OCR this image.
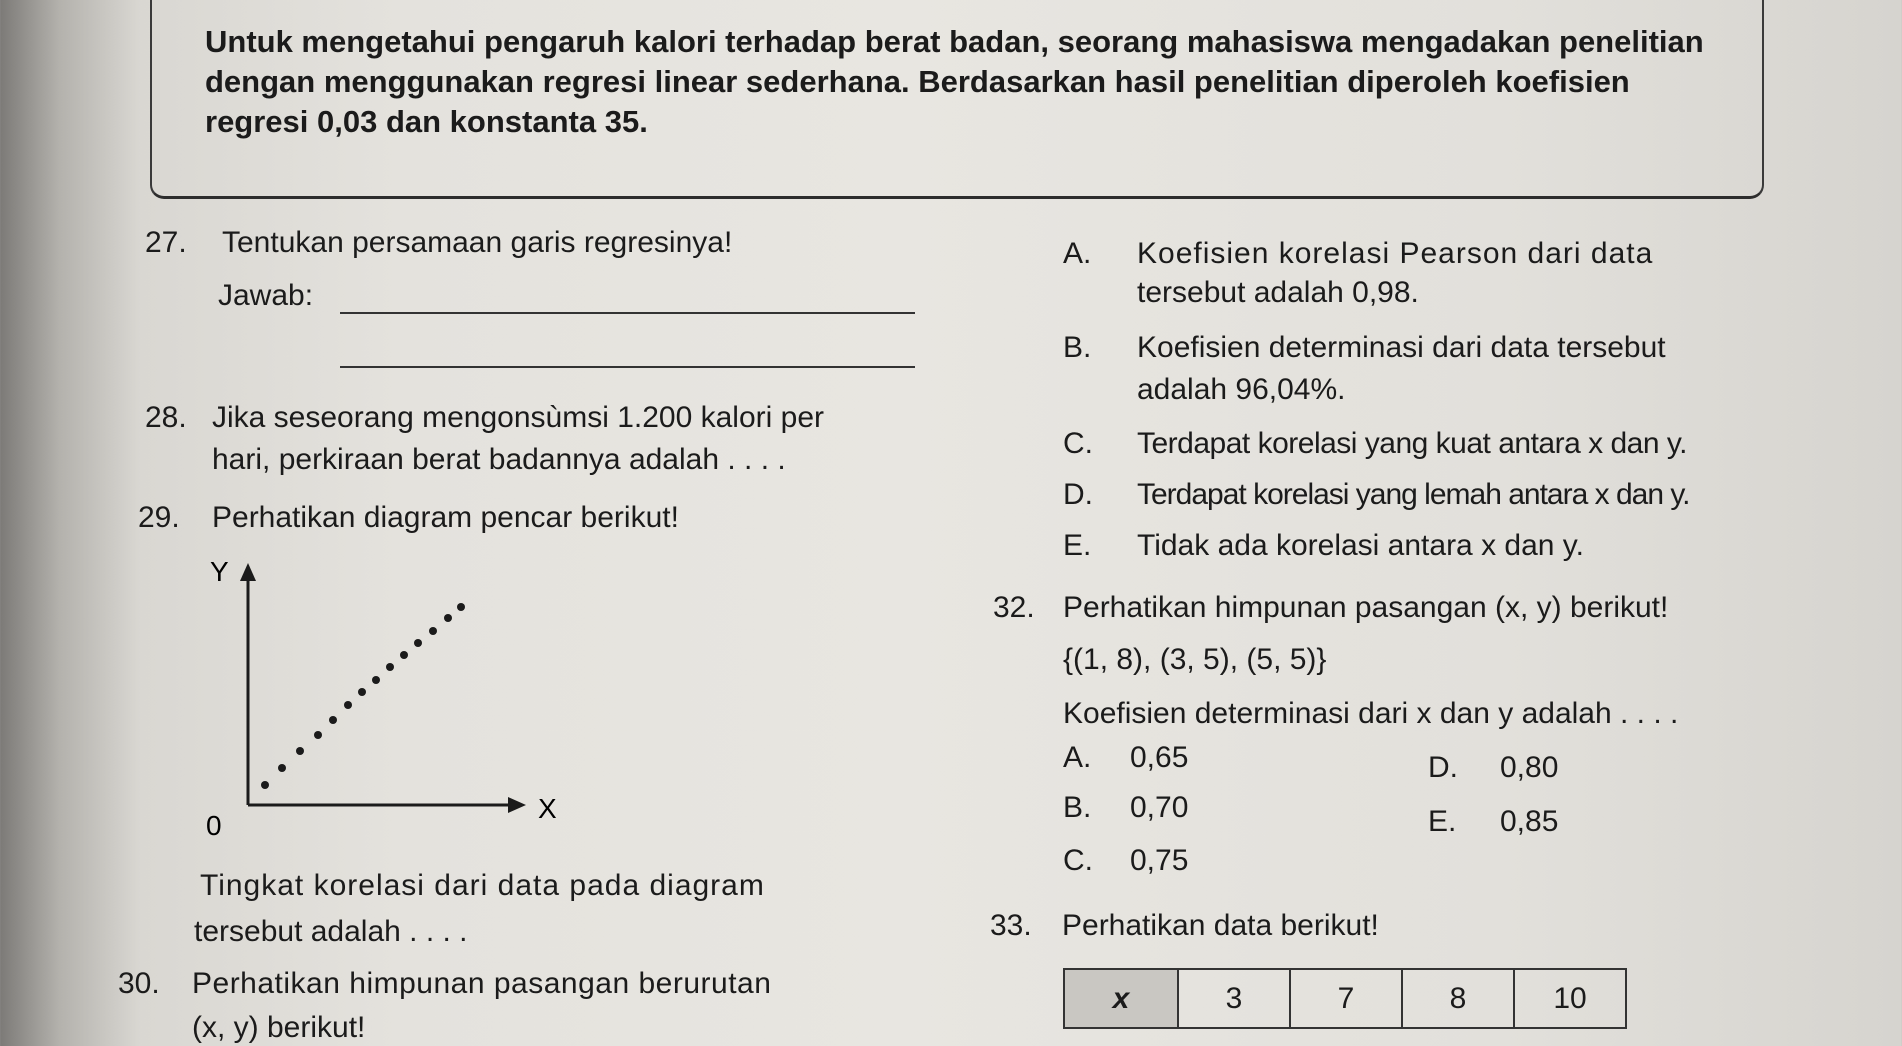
Untuk mengetahui pengaruh kalori terhadap berat badan, seorang mahasiswa mengadakan penelitian
dengan menggunakan regresi linear sederhana. Berdasarkan hasil penelitian diperoleh koefisien
regresi 0,03 dan konstanta 35.
27. Tentukan persamaan garis regresinya!
Jawab:
28. Jika seseorang mengonsùmsi 1.200 kalori per
hari, perkiraan berat badannya adalah . . . .
29. Perhatikan diagram pencar berikut!
Y
X
0
Tingkat korelasi dari data pada diagram
tersebut adalah . . . .
30. Perhatikan himpunan pasangan berurutan
(x, y) berikut!
A. Koefisien korelasi Pearson dari data
tersebut adalah 0,98.
B. Koefisien determinasi dari data tersebut
adalah 96,04%.
C. Terdapat korelasi yang kuat antara x dan y.
D. Terdapat korelasi yang lemah antara x dan y.
E. Tidak ada korelasi antara x dan y.
32. Perhatikan himpunan pasangan (x, y) berikut!
{(1, 8), (3, 5), (5, 5)}
Koefisien determinasi dari x dan y adalah . . . .
A. 0,65
B. 0,70
C. 0,75
D. 0,80
E. 0,85
33. Perhatikan data berikut!
x	3	7	8	10
